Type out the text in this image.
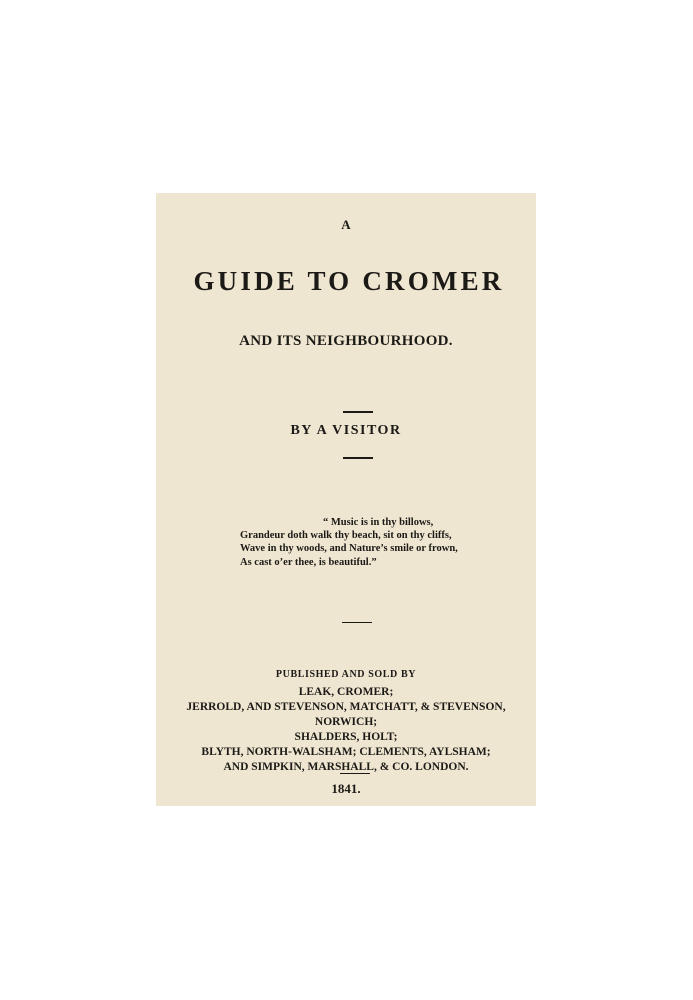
A
GUIDE TO CROMER
AND ITS NEIGHBOURHOOD.
BY A VISITOR
“ Music is in thy billows,
Grandeur doth walk thy beach, sit on thy cliffs,
Wave in thy woods, and Nature’s smile or frown,
As cast o’er thee, is beautiful.”
PUBLISHED AND SOLD BY
LEAK, CROMER;
JERROLD, AND STEVENSON, MATCHATT, & STEVENSON,
NORWICH;
SHALDERS, HOLT;
BLYTH, NORTH-WALSHAM; CLEMENTS, AYLSHAM;
AND SIMPKIN, MARSHALL, & CO. LONDON.
1841.
